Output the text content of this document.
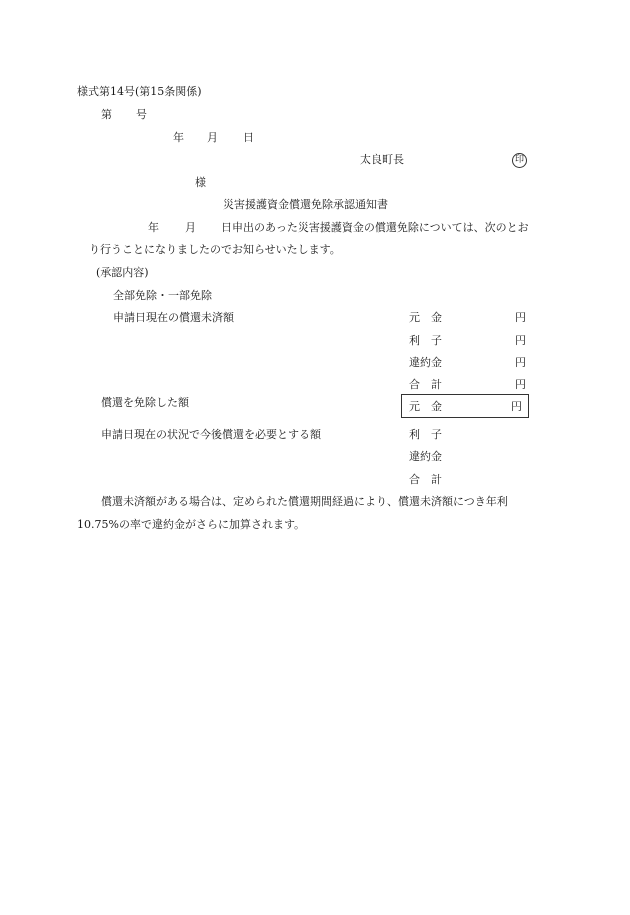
様式第14号(第15条関係)
第 号
年 月 日
太良町長	印
様
災害援護資金償還免除承認通知書
年 月 日申出のあった災害援護資金の償還免除については、次のとお
り行うことになりましたのでお知らせいたします。
(承認内容)
全部免除・一部免除
申請日現在の償還未済額	元　金	円
利　子	円
違約金	円
合　計	円
償還を免除した額	元　金	円
申請日現在の状況で今後償還を必要とする額	利　子
違約金
合　計
償還未済額がある場合は、定められた償還期間経過により、償還未済額につき年利
10.75%の率で違約金がさらに加算されます。
